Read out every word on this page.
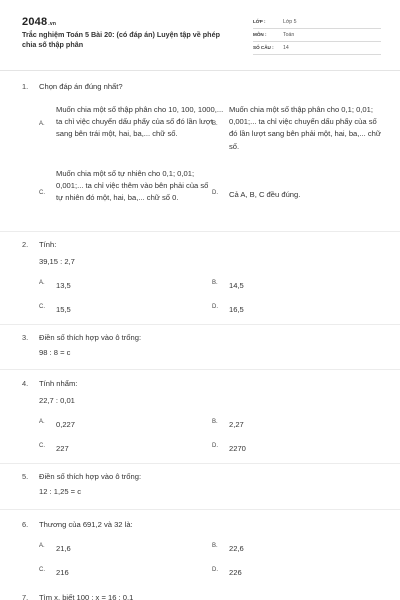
2048.vn
Trắc nghiệm Toán 5 Bài 20: (có đáp án) Luyện tập về phép chia số thập phân
LỚP :	Lớp 5
MÔN :	Toán
SỐ CÂU : 14
1. Chọn đáp án đúng nhất?
A.
Muốn chia một số thập phân cho 10, 100, 1000,... ta chỉ việc chuyển dấu phẩy của số đó lần lượt sang bên trái một, hai, ba,... chữ số.
B.
Muốn chia một số thập phân cho 0,1; 0,01; 0,001;... ta chỉ việc chuyển dấu phẩy của số đó lần lượt sang bên phải một, hai, ba,... chữ số.
C.
Muốn chia một số tự nhiên cho 0,1; 0,01; 0,001;... ta chỉ việc thêm vào bên phải của số tự nhiên đó một, hai, ba,... chữ số 0.
D. Cả A, B, C đều đúng.
2. Tính:
39,15 : 2,7
A. 13,5	B. 14,5
C. 15,5	D. 16,5
3. Điền số thích hợp vào ô trống:
98 : 8 = c
4. Tính nhẩm:
22,7 : 0,01
A. 0,227	B. 2,27
C. 227	D. 2270
5. Điền số thích hợp vào ô trống:
12 : 1,25 = c
6. Thương của 691,2 và 32 là:
A. 21,6	B. 22,6
C. 216	D. 226
7. Tìm x, biết 100 : x = 16 : 0,1
